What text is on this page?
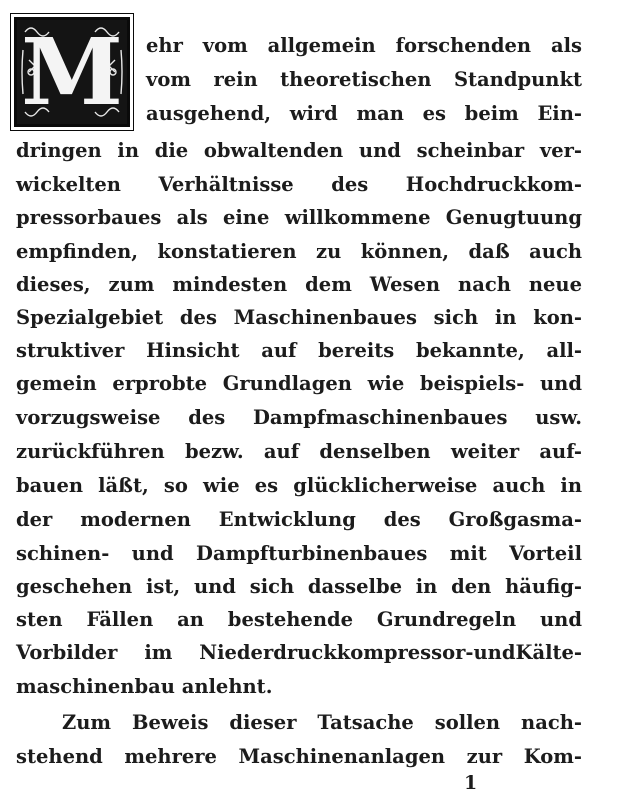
M ehr vom allgemein forschenden als
vom rein theoretischen Standpunkt
ausgehend, wird man es beim Ein-
dringen in die obwaltenden und scheinbar ver-
wickelten Verhältnisse des Hochdruckkom-
pressorbaues als eine willkommene Genugtuung
empfinden, konstatieren zu können, daß auch
dieses, zum mindesten dem Wesen nach neue
Spezialgebiet des Maschinenbaues sich in kon-
struktiver Hinsicht auf bereits bekannte, all-
gemein erprobte Grundlagen wie beispiels- und
vorzugsweise des Dampfmaschinenbaues usw.
zurückführen bezw. auf denselben weiter auf-
bauen läßt, so wie es glücklicherweise auch in
der modernen Entwicklung des Großgasma-
schinen- und Dampfturbinenbaues mit Vorteil
geschehen ist, und sich dasselbe in den häufig-
sten Fällen an bestehende Grundregeln und
Vorbilder im Niederdruckkompressor-undKälte-
maschinenbau anlehnt.
Zum Beweis dieser Tatsache sollen nach-
stehend mehrere Maschinenanlagen zur Kom-
1
